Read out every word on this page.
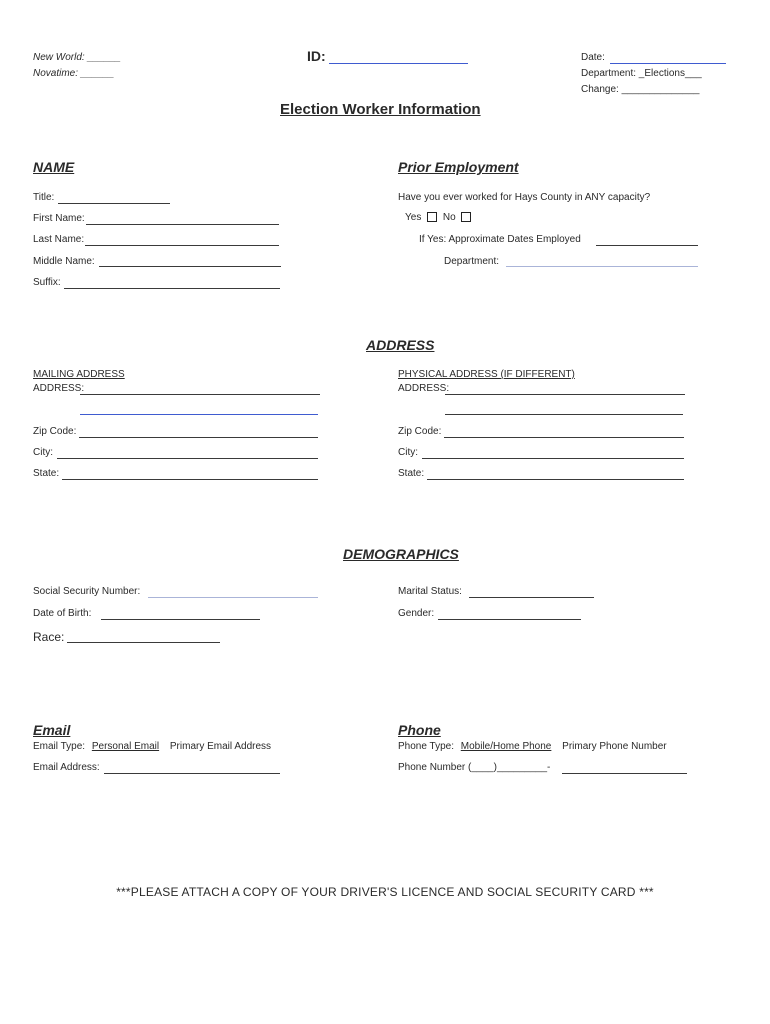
New World: ______
Novatime: ______
ID:	Date:
Department: _Elections___
Change: ______________
Election Worker Information
NAME
Title:
First Name:
Last Name:
Middle Name:
Suffix:
Prior Employment
Have you ever worked for Hays County in ANY capacity?
Yes No
If Yes: Approximate Dates Employed
Department:
ADDRESS
MAILING ADDRESS
ADDRESS:
Zip Code:
City:
State:
PHYSICAL ADDRESS (IF DIFFERENT)
ADDRESS:
Zip Code:
City:
State:
DEMOGRAPHICS
Social Security Number:
Date of Birth:
Race:
Marital Status:
Gender:
Email
Email Type: Personal Email Primary Email Address
Email Address:
Phone
Phone Type: Mobile/Home Phone Primary Phone Number
Phone Number (____)_________-
***PLEASE ATTACH A COPY OF YOUR DRIVER'S LICENCE AND SOCIAL SECURITY CARD ***
